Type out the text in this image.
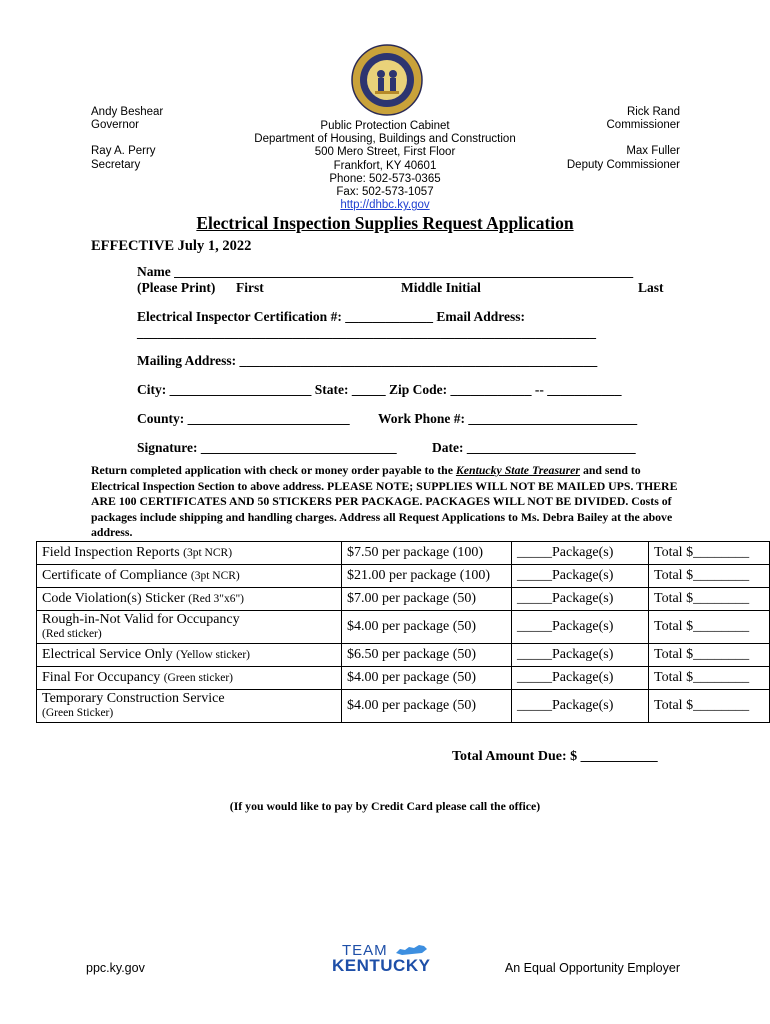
Andy Beshear
Governor
Ray A. Perry
Secretary
Public Protection Cabinet
Department of Housing, Buildings and Construction
500 Mero Street, First Floor
Frankfort, KY 40601
Phone: 502-573-0365
Fax: 502-573-1057
http://dhbc.ky.gov
Rick Rand
Commissioner
Max Fuller
Deputy Commissioner
Electrical Inspection Supplies Request Application
EFFECTIVE July 1, 2022
Name ____________________________________________________________________
(Please Print) First	Middle Initial	Last
Electrical Inspector Certification #: _____________ Email Address:
____________________________________________________________________
Mailing Address: _____________________________________________________
City: _____________________ State: _____ Zip Code: ____________ -- ___________
County: ________________________ Work Phone #: _________________________
Signature: _____________________________	Date: _________________________
Return completed application with check or money order payable to the Kentucky State Treasurer and send to Electrical Inspection Section to above address. PLEASE NOTE; SUPPLIES WILL NOT BE MAILED UPS. THERE ARE 100 CERTIFICATES AND 50 STICKERS PER PACKAGE. PACKAGES WILL NOT BE DIVIDED. Costs of packages include shipping and handling charges. Address all Request Applications to Ms. Debra Bailey at the above address.
Field Inspection Reports (3pt NCR)	$7.50 per package (100)	_____Package(s)	Total $________
Certificate of Compliance (3pt NCR)	$21.00 per package (100)	_____Package(s)	Total $________
Code Violation(s) Sticker (Red 3"x6")	$7.00 per package (50)	_____Package(s)	Total $________

Rough-in-Not Valid for Occupancy
(Red sticker)	$4.00 per package (50)	_____Package(s)	Total $________
Electrical Service Only (Yellow sticker)	$6.50 per package (50)	_____Package(s)	Total $________
Final For Occupancy (Green sticker)	$4.00 per package (50)	_____Package(s)	Total $________

Temporary Construction Service
(Green Sticker)	$4.00 per package (50)	_____Package(s)	Total $________
Total Amount Due: $ ___________
(If you would like to pay by Credit Card please call the office)
ppc.ky.gov
TEAM
KENTUCKY	An Equal Opportunity Employer
